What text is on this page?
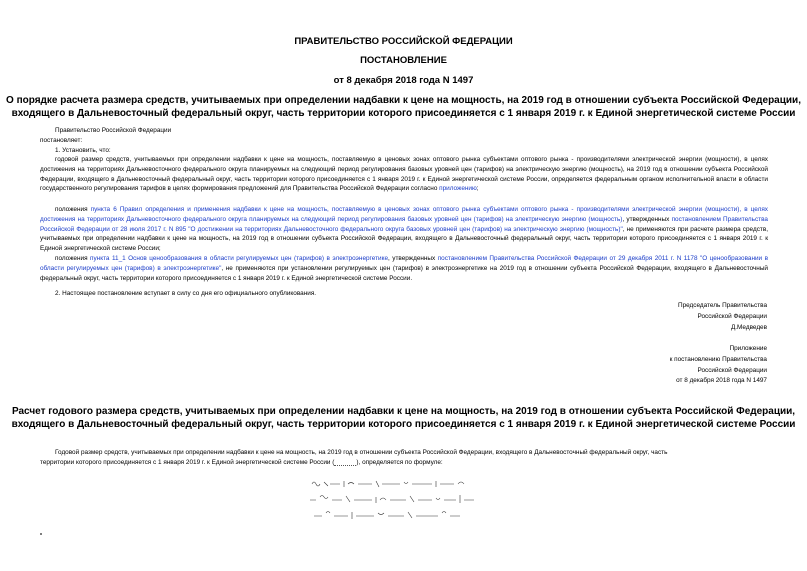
ПРАВИТЕЛЬСТВО РОССИЙСКОЙ ФЕДЕРАЦИИ
ПОСТАНОВЛЕНИЕ
от 8 декабря 2018 года N 1497
О порядке расчета размера средств, учитываемых при определении надбавки к цене на мощность, на 2019 год в отношении субъекта Российской Федерации,
входящего в Дальневосточный федеральный округ, часть территории которого присоединяется с 1 января 2019 г. к Единой энергетической системе России
Правительство Российской Федерации
постановляет:
1. Установить, что:
годовой размер средств, учитываемых при определении надбавки к цене на мощность, поставляемую в ценовых зонах оптового рынка субъектами оптового рынка - производителями электрической энергии (мощности), в целях достижения на территориях Дальневосточного федерального округа планируемых на следующий период регулирования базовых уровней цен (тарифов) на электрическую энергию (мощность), на 2019 год в отношении субъекта Российской Федерации, входящего в Дальневосточный федеральный округ, часть территории которого присоединяется с 1 января 2019 г. к Единой энергетической системе России, определяется федеральным органом исполнительной власти в области государственного регулирования тарифов в целях формирования предложений для Правительства Российской Федерации согласно приложению;
положения пункта 6 Правил определения и применения надбавки к цене на мощность, поставляемую в ценовых зонах оптового рынка субъектами оптового рынка - производителями электрической энергии (мощности), в целях достижения на территориях Дальневосточного федерального округа планируемых на следующий период регулирования базовых уровней цен (тарифов) на электрическую энергию (мощность), утвержденных постановлением Правительства Российской Федерации от 28 июля 2017 г. N 895 "О достижении на территориях Дальневосточного федерального округа базовых уровней цен (тарифов) на электрическую энергию (мощность)", не применяются при расчете размера средств, учитываемых при определении надбавки к цене на мощность, на 2019 год в отношении субъекта Российской Федерации, входящего в Дальневосточный федеральный округ, часть территории которого присоединяется с 1 января 2019 г. к Единой энергетической системе России;
положения пункта 11_1 Основ ценообразования в области регулируемых цен (тарифов) в электроэнергетике, утвержденных постановлением Правительства Российской Федерации от 29 декабря 2011 г. N 1178 "О ценообразовании в области регулируемых цен (тарифов) в электроэнергетике", не применяются при установлении регулируемых цен (тарифов) в электроэнергетике на 2019 год в отношении субъекта Российской Федерации, входящего в Дальневосточный федеральный округ, часть территории которого присоединяется с 1 января 2019 г. к Единой энергетической системе России.
2. Настоящее постановление вступает в силу со дня его официального опубликования.
Председатель Правительства
Российской Федерации
Д.Медведев
Приложение
к постановлению Правительства
Российской Федерации
от 8 декабря 2018 года N 1497
Расчет годового размера средств, учитываемых при определении надбавки к цене на мощность, на 2019 год в отношении субъекта Российской Федерации,
входящего в Дальневосточный федеральный округ, часть территории которого присоединяется с 1 января 2019 г. к Единой энергетической системе России
Годовой размер средств, учитываемых при определении надбавки к цене на мощность, на 2019 год в отношении субъекта Российской Федерации, входящего в Дальневосточный федеральный округ, часть
территории которого присоединяется с 1 января 2019 г. к Единой энергетической системе России (	), определяется по формуле:
